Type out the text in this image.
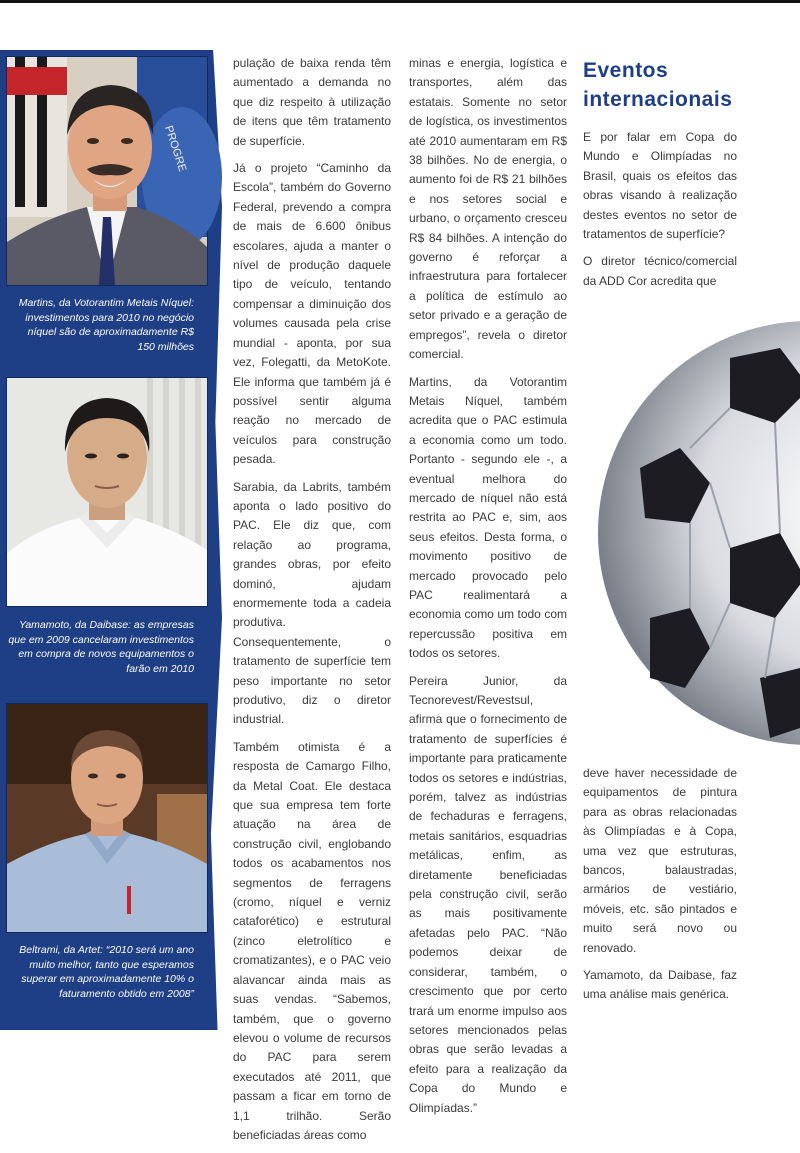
PROGRE
Martins, da Votorantim Metais Níquel: investimentos para 2010 no negócio níquel são de aproximadamente R$ 150 milhões
Yamamoto, da Daibase: as empresas que em 2009 cancelaram investimentos em compra de novos equipamentos o farão em 2010
Beltrami, da Artet: “2010 será um ano muito melhor, tanto que esperamos superar em aproximadamente 10% o faturamento obtido em 2008”
58 | Tratamento de Superfície 158

pulação de baixa renda têm aumentado a demanda no que diz respeito à utilização de itens que têm tratamento de superfície.

Já o projeto “Caminho da Escola”, também do Governo Federal, prevendo a compra de mais de 6.600 ônibus escolares, ajuda a manter o nível de produção daquele tipo de veículo, tentando compensar a diminuição dos volumes causada pela crise mundial - aponta, por sua vez, Folegatti, da MetoKote. Ele informa que também já é possível sentir alguma reação no mercado de veículos para construção pesada.

Sarabia, da Labrits, também aponta o lado positivo do PAC. Ele diz que, com relação ao programa, grandes obras, por efeito dominó, ajudam enormemente toda a cadeia produtiva. Consequentemente, o tratamento de superfície tem peso importante no setor produtivo, diz o diretor industrial.

Também otimista é a resposta de Camargo Filho, da Metal Coat. Ele destaca que sua empresa tem forte atuação na área de construção civil, englobando todos os acabamentos nos segmentos de ferragens (cromo, níquel e verniz cataforético) e estrutural (zinco eletrolítico e cromatizantes), e o PAC veio alavancar ainda mais as suas vendas. “Sabemos, também, que o governo elevou o volume de recursos do PAC para serem executados até 2011, que passam a ficar em torno de 1,1 trilhão. Serão beneficiadas áreas como

minas e energia, logística e transportes, além das estatais. Somente no setor de logística, os investimentos até 2010 aumentaram em R$ 38 bilhões. No de energia, o aumento foi de R$ 21 bilhões e nos setores social e urbano, o orçamento cresceu R$ 84 bilhões. A intenção do governo é reforçar a infraestrutura para fortalecer a política de estímulo ao setor privado e a geração de empregos”, revela o diretor comercial.

Martins, da Votorantim Metais Níquel, também acredita que o PAC estimula a economia como um todo. Portanto - segundo ele -, a eventual melhora do mercado de níquel não está restrita ao PAC e, sim, aos seus efeitos. Desta forma, o movimento positivo de mercado provocado pelo PAC realimentará a economia como um todo com repercussão positiva em todos os setores.

Pereira Junior, da Tecnorevest/Revestsul, afirma que o fornecimento de tratamento de superfícies é importante para praticamente todos os setores e indústrias, porém, talvez as indústrias de fechaduras e ferragens, metais sanitários, esquadrias metálicas, enfim, as diretamente beneficiadas pela construção civil, serão as mais positivamente afetadas pelo PAC. “Não podemos deixar de considerar, também, o crescimento que por certo trará um enorme impulso aos setores mencionados pelas obras que serão levadas a efeito para a realização da Copa do Mundo e Olimpíadas.”

Eventos internacionais

E por falar em Copa do Mundo e Olimpíadas no Brasil, quais os efeitos das obras visando à realização destes eventos no setor de tratamentos de superfície?

O diretor técnico/comercial da ADD Cor acredita que

deve haver necessidade de equipamentos de pintura para as obras relacionadas às Olimpíadas e à Copa, uma vez que estruturas, bancos, balaustradas, armários de vestiário, móveis, etc. são pintados e muito será novo ou renovado.

Yamamoto, da Daibase, faz uma análise mais genérica.
